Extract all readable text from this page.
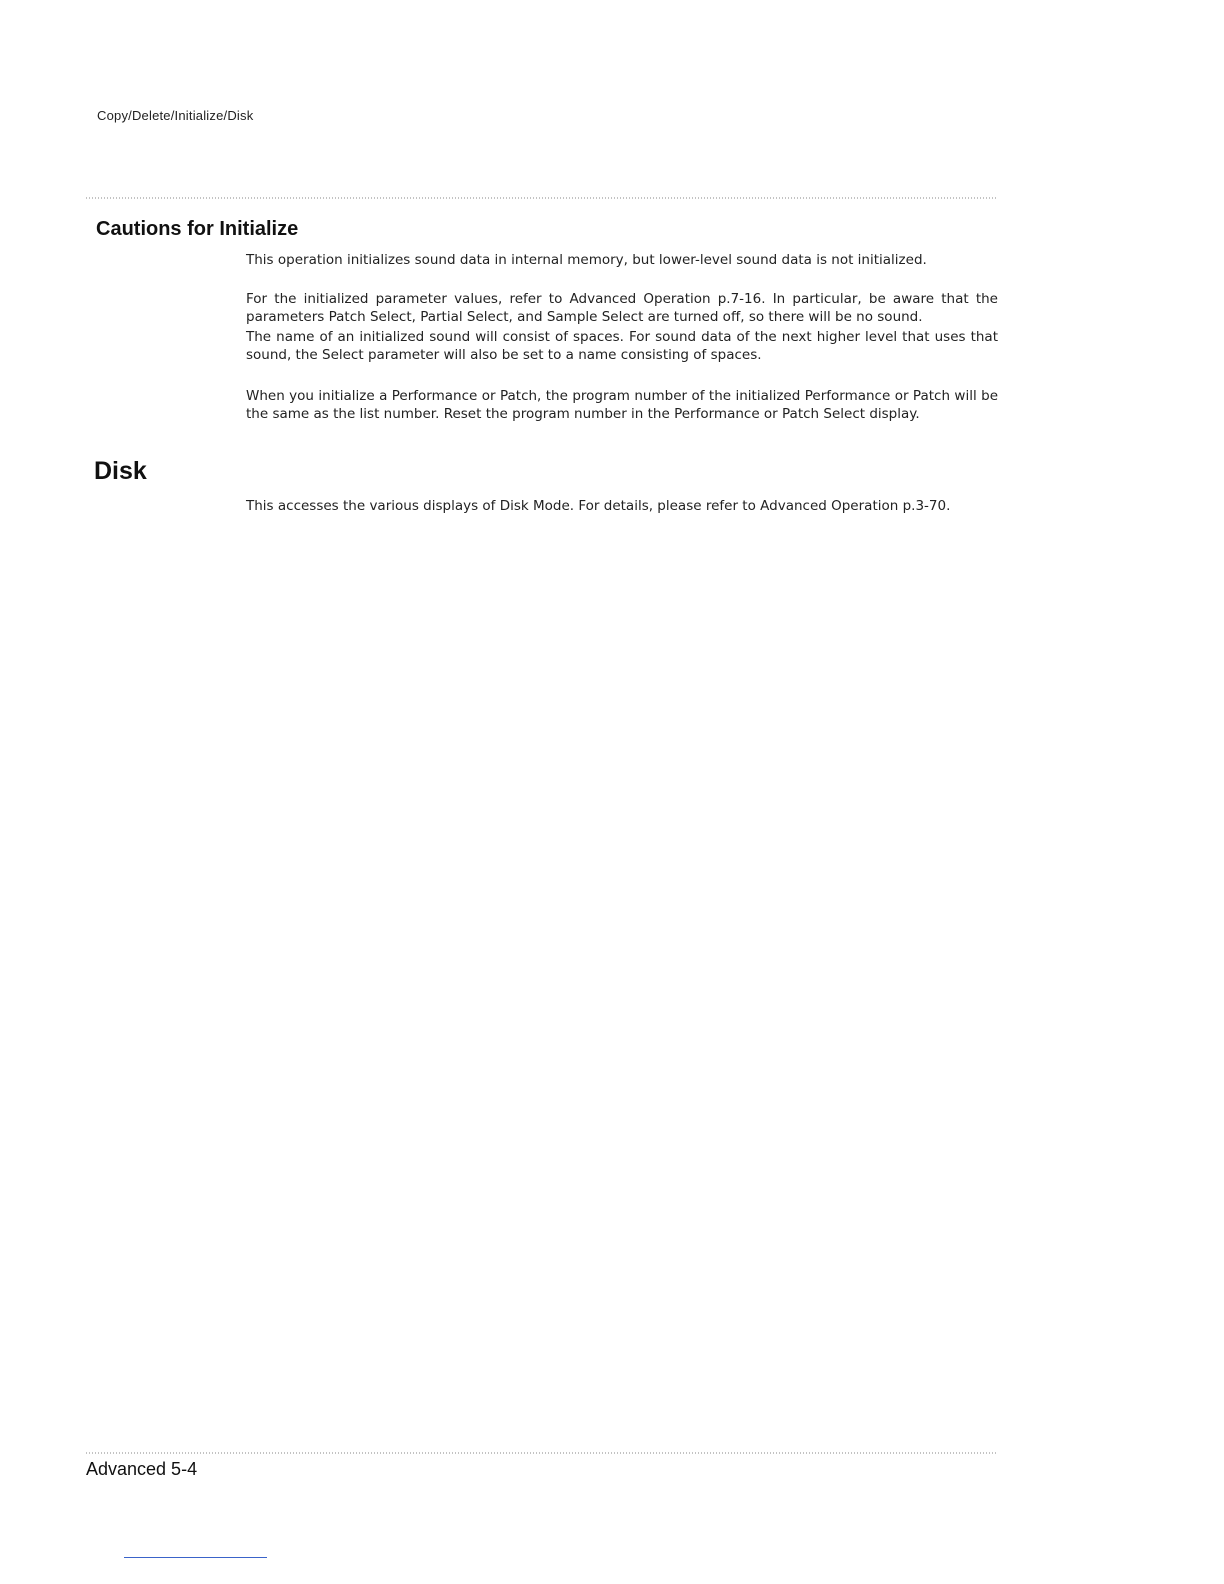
Copy/Delete/Initialize/Disk
Cautions for Initialize

This operation initializes sound data in internal memory, but lower-level sound data is not initialized.

For the initialized parameter values, refer to Advanced Operation p.7-16. In particular, be aware that the parameters Patch Select, Partial Select, and Sample Select are turned off, so there will be no sound.

The name of an initialized sound will consist of spaces. For sound data of the next higher level that uses that sound, the Select parameter will also be set to a name consisting of spaces.

When you initialize a Performance or Patch, the program number of the initialized Performance or Patch will be the same as the list number. Reset the program number in the Performance or Patch Select display.

Disk

This accesses the various displays of Disk Mode. For details, please refer to Advanced Operation p.3-70.

Advanced 5-4
